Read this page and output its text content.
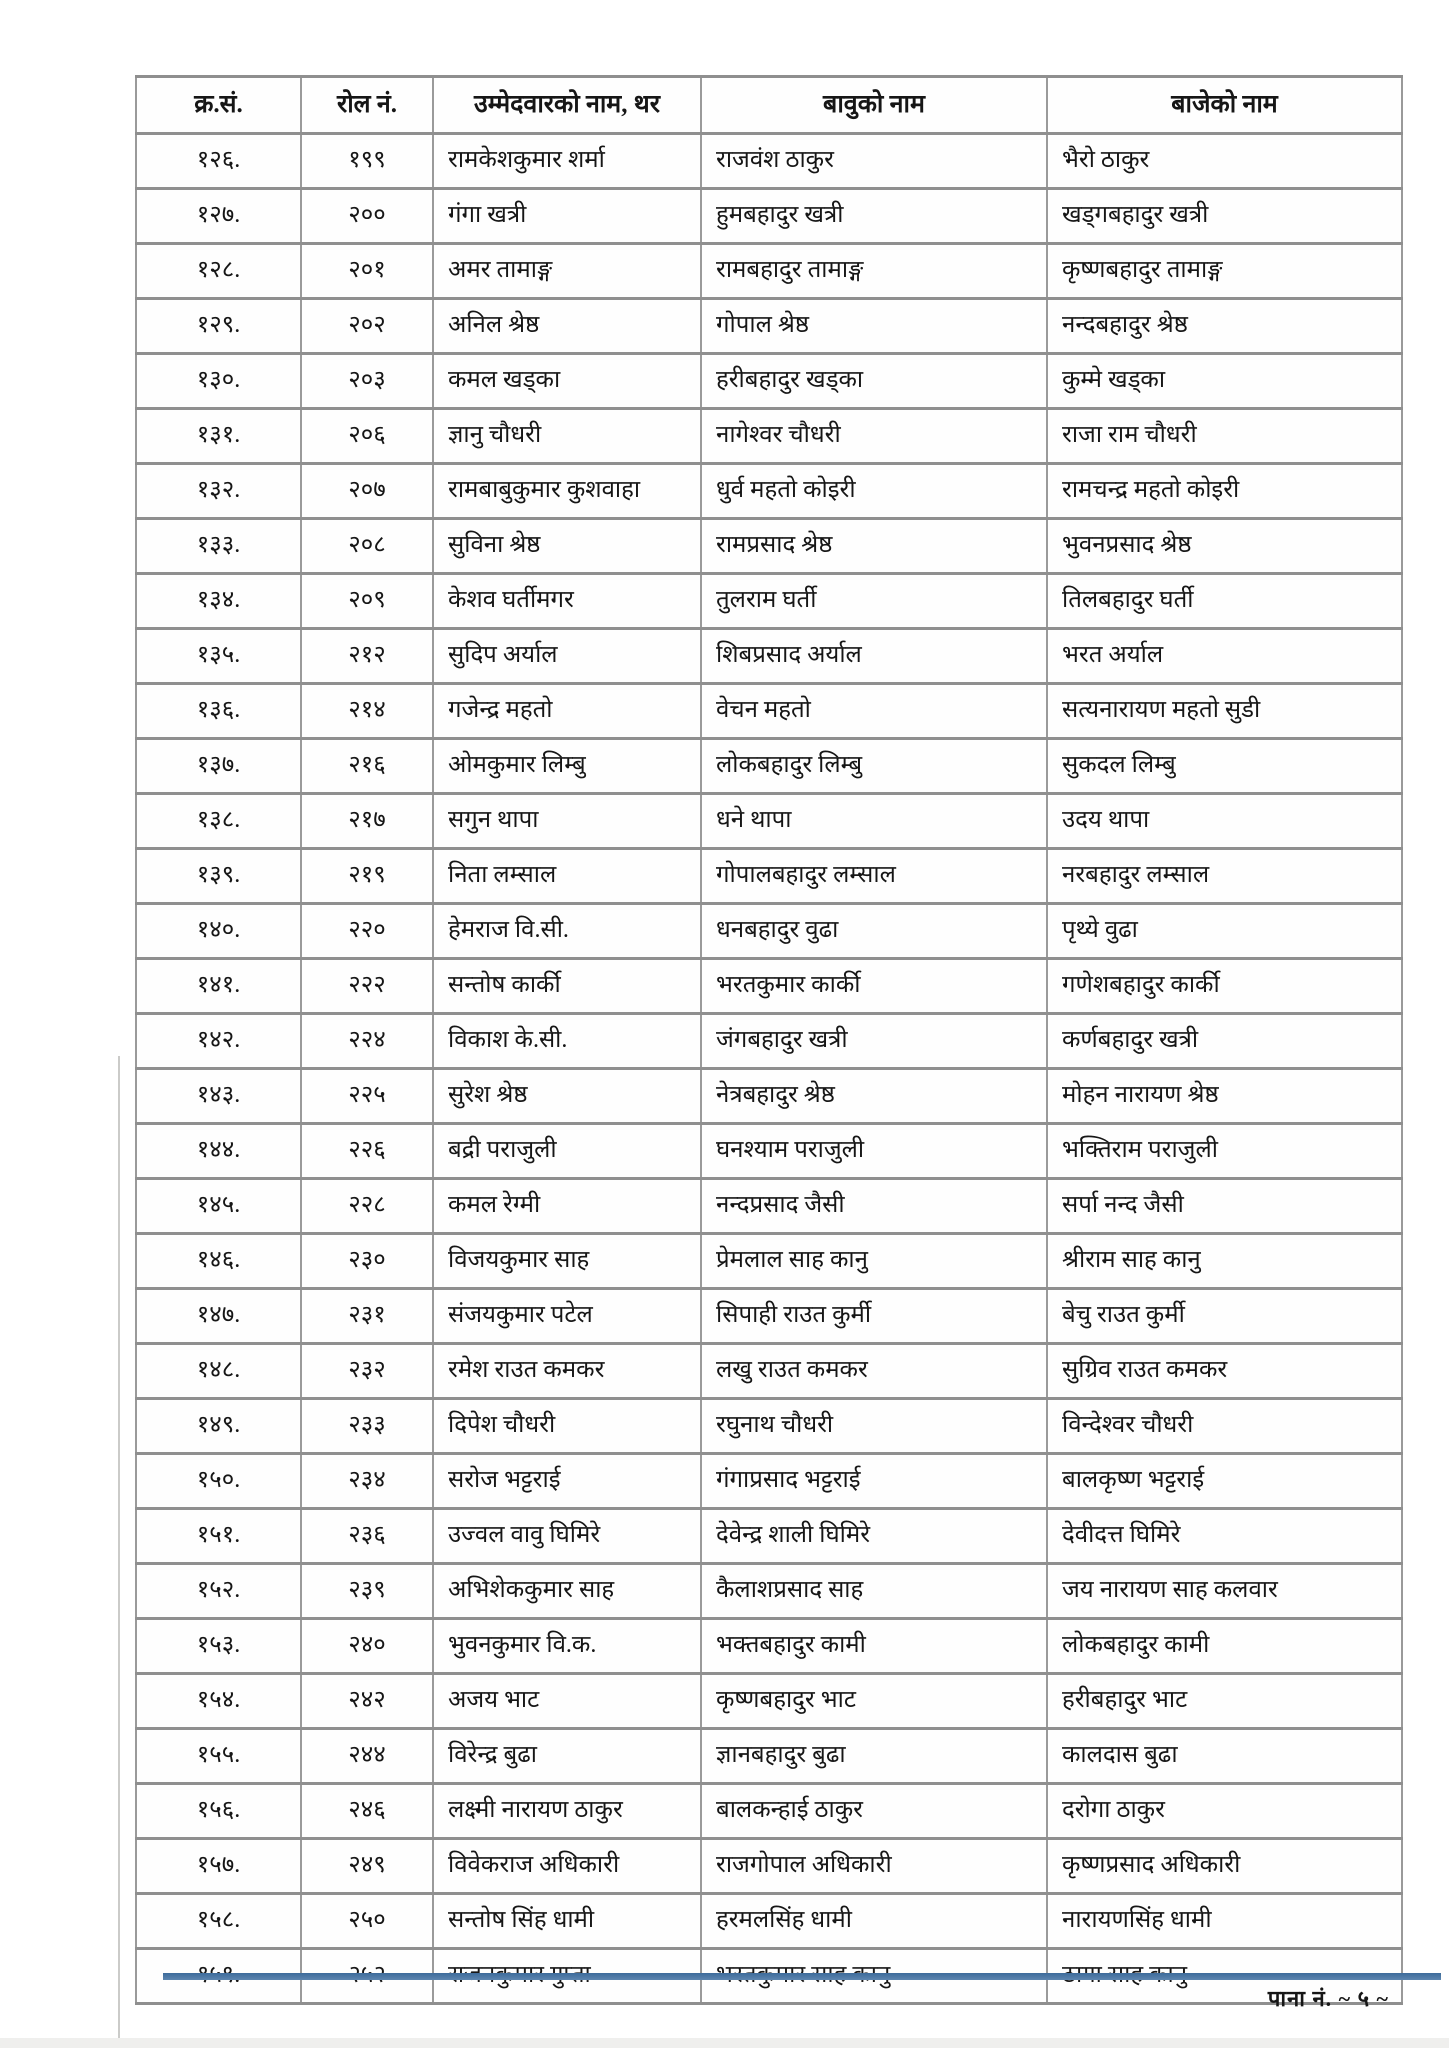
क्र.सं.	रोल नं.	उम्मेदवारको नाम, थर	बावुको नाम	बाजेको नाम
१२६.	१९९	रामकेशकुमार शर्मा	राजवंश ठाकुर	भैरो ठाकुर
१२७.	२००	गंगा खत्री	हुमबहादुर खत्री	खड्गबहादुर खत्री
१२८.	२०१	अमर तामाङ्ग	रामबहादुर तामाङ्ग	कृष्णबहादुर तामाङ्ग
१२९.	२०२	अनिल श्रेष्ठ	गोपाल श्रेष्ठ	नन्दबहादुर श्रेष्ठ
१३०.	२०३	कमल खड्का	हरीबहादुर खड्का	कुम्मे खड्का
१३१.	२०६	ज्ञानु चौधरी	नागेश्वर चौधरी	राजा राम चौधरी
१३२.	२०७	रामबाबुकुमार कुशवाहा	धुर्व महतो कोइरी	रामचन्द्र महतो कोइरी
१३३.	२०८	सुविना श्रेष्ठ	रामप्रसाद श्रेष्ठ	भुवनप्रसाद श्रेष्ठ
१३४.	२०९	केशव घर्तीमगर	तुलराम घर्ती	तिलबहादुर घर्ती
१३५.	२१२	सुदिप अर्याल	शिबप्रसाद अर्याल	भरत अर्याल
१३६.	२१४	गजेन्द्र महतो	वेचन महतो	सत्यनारायण महतो सुडी
१३७.	२१६	ओमकुमार लिम्बु	लोकबहादुर लिम्बु	सुकदल लिम्बु
१३८.	२१७	सगुन थापा	धने थापा	उदय थापा
१३९.	२१९	निता लम्साल	गोपालबहादुर लम्साल	नरबहादुर लम्साल
१४०.	२२०	हेमराज वि.सी.	धनबहादुर वुढा	पृथ्ये वुढा
१४१.	२२२	सन्तोष कार्की	भरतकुमार कार्की	गणेशबहादुर कार्की
१४२.	२२४	विकाश के.सी.	जंगबहादुर खत्री	कर्णबहादुर खत्री
१४३.	२२५	सुरेश श्रेष्ठ	नेत्रबहादुर श्रेष्ठ	मोहन नारायण श्रेष्ठ
१४४.	२२६	बद्री पराजुली	घनश्याम पराजुली	भक्तिराम पराजुली
१४५.	२२८	कमल रेग्मी	नन्दप्रसाद जैसी	सर्पा नन्द जैसी
१४६.	२३०	विजयकुमार साह	प्रेमलाल साह कानु	श्रीराम साह कानु
१४७.	२३१	संजयकुमार पटेल	सिपाही राउत कुर्मी	बेचु राउत कुर्मी
१४८.	२३२	रमेश राउत कमकर	लखु राउत कमकर	सुग्रिव राउत कमकर
१४९.	२३३	दिपेश चौधरी	रघुनाथ चौधरी	विन्देश्वर चौधरी
१५०.	२३४	सरोज भट्टराई	गंगाप्रसाद भट्टराई	बालकृष्ण भट्टराई
१५१.	२३६	उज्वल वावु घिमिरे	देवेन्द्र शाली घिमिरे	देवीदत्त घिमिरे
१५२.	२३९	अभिशेककुमार साह	कैलाशप्रसाद साह	जय नारायण साह कलवार
१५३.	२४०	भुवनकुमार वि.क.	भक्तबहादुर कामी	लोकबहादुर कामी
१५४.	२४२	अजय भाट	कृष्णबहादुर भाट	हरीबहादुर भाट
१५५.	२४४	विरेन्द्र बुढा	ज्ञानबहादुर बुढा	कालदास बुढा
१५६.	२४६	लक्ष्मी नारायण ठाकुर	बालकन्हाई ठाकुर	दरोगा ठाकुर
१५७.	२४९	विवेकराज अधिकारी	राजगोपाल अधिकारी	कृष्णप्रसाद अधिकारी
१५८.	२५०	सन्तोष सिंह धामी	हरमलसिंह धामी	नारायणसिंह धामी

पाना नं. ~ ५ ~
